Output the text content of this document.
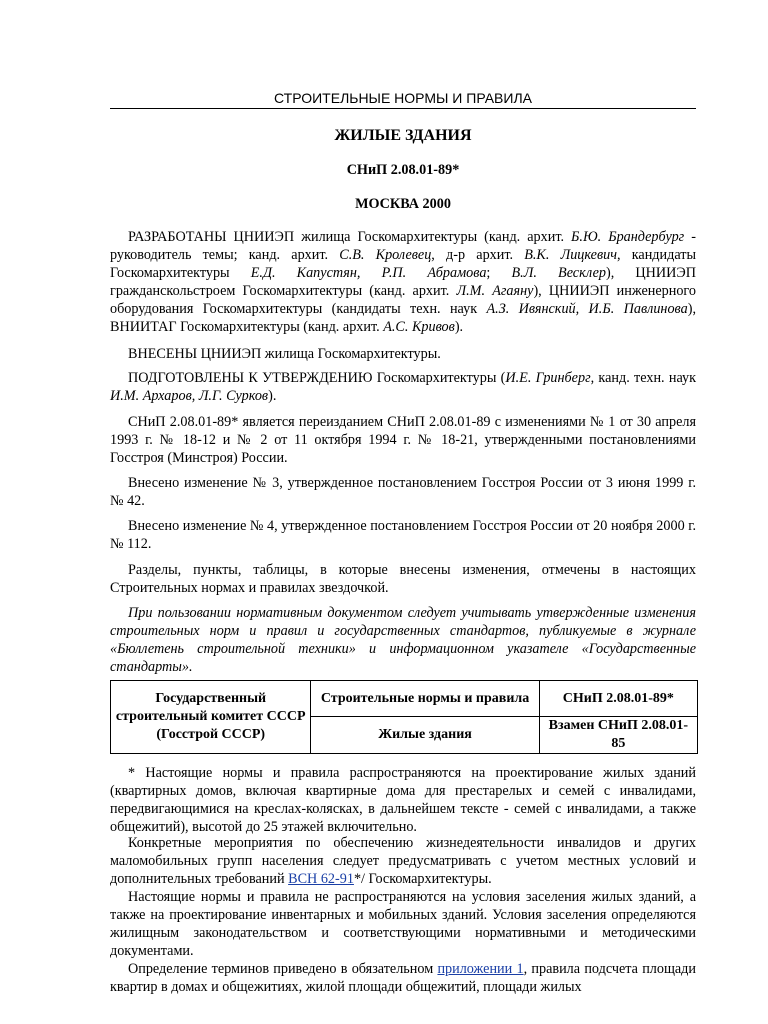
СТРОИТЕЛЬНЫЕ НОРМЫ И ПРАВИЛА
ЖИЛЫЕ ЗДАНИЯ
СНиП 2.08.01-89*
МОСКВА 2000

РАЗРАБОТАНЫ ЦНИИЭП жилища Госкомархитектуры (канд. архит. Б.Ю. Брандербург - руководитель темы; канд. архит. С.В. Кролевец, д-р архит. В.К. Лицкевич, кандидаты Госкомархитектуры Е.Д. Капустян, Р.П. Абрамова; В.Л. Весклер), ЦНИИЭП гражданскольстроем Госкомархитектуры (канд. архит. Л.М. Агаяну), ЦНИИЭП инженерного оборудования Госкомархитектуры (кандидаты техн. наук А.З. Ивянский, И.Б. Павлинова), ВНИИТАГ Госкомархитектуры (канд. архит. А.С. Кривов).

ВНЕСЕНЫ ЦНИИЭП жилища Госкомархитектуры.

ПОДГОТОВЛЕНЫ К УТВЕРЖДЕНИЮ Госкомархитектуры (И.Е. Гринберг, канд. техн. наук И.М. Архаров, Л.Г. Сурков).

СНиП 2.08.01-89* является переизданием СНиП 2.08.01-89 с изменениями № 1 от 30 апреля 1993 г. № 18-12 и № 2 от 11 октября 1994 г. № 18-21, утвержденными постановлениями Госстроя (Минстроя) России.

Внесено изменение № 3, утвержденное постановлением Госстроя России от 3 июня 1999 г. № 42.

Внесено изменение № 4, утвержденное постановлением Госстроя России от 20 ноября 2000 г. № 112.

Разделы, пункты, таблицы, в которые внесены изменения, отмечены в настоящих Строительных нормах и правилах звездочкой.

При пользовании нормативным документом следует учитывать утвержденные изменения строительных норм и правил и государственных стандартов, публикуемые в журнале «Бюллетень строительной техники» и информационном указателе «Государственные стандарты».

Государственный строительный комитет СССР (Госстрой СССР)	Строительные нормы и правила	СНиП 2.08.01-89*
	Жилые здания	Взамен СНиП 2.08.01-85

* Настоящие нормы и правила распространяются на проектирование жилых зданий (квартирных домов, включая квартирные дома для престарелых и семей с инвалидами, передвигающимися на креслах-колясках, в дальнейшем тексте - семей с инвалидами, а также общежитий), высотой до 25 этажей включительно.

Конкретные мероприятия по обеспечению жизнедеятельности инвалидов и других маломобильных групп населения следует предусматривать с учетом местных условий и дополнительных требований ВСН 62-91*/ Госкомархитектуры.

Настоящие нормы и правила не распространяются на условия заселения жилых зданий, а также на проектирование инвентарных и мобильных зданий. Условия заселения определяются жилищным законодательством и соответствующими нормативными и методическими документами.

Определение терминов приведено в обязательном приложении 1, правила подсчета площади квартир в домах и общежитиях, жилой площади общежитий, площади жилых
